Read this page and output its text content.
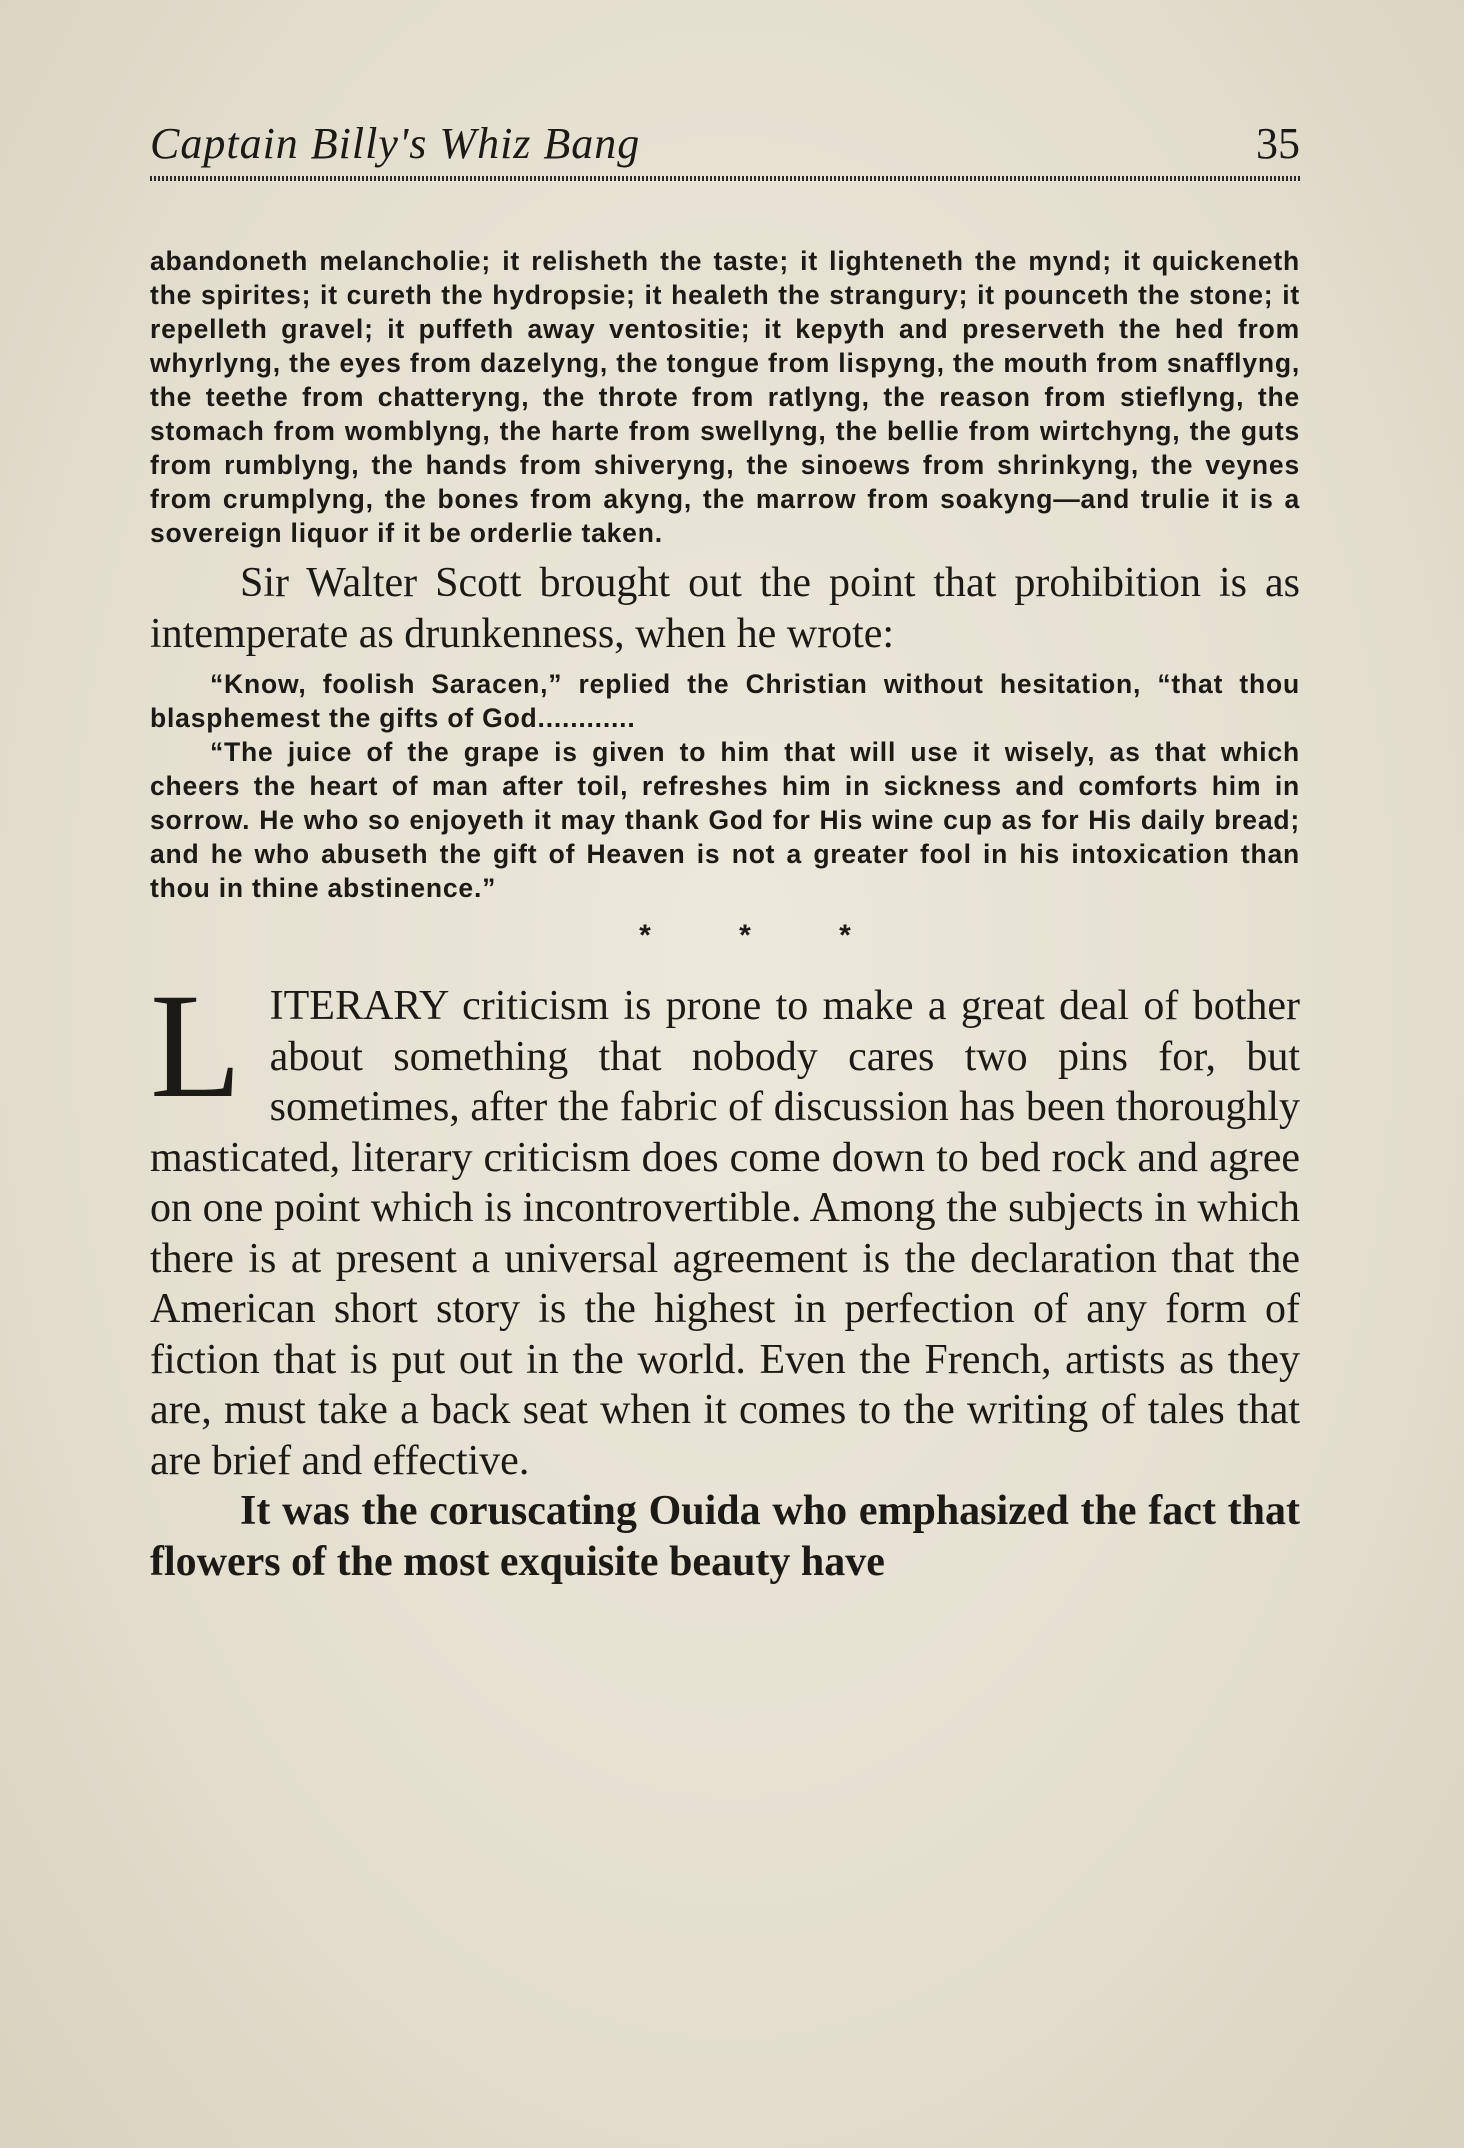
Captain Billy's Whiz Bang	35

abandoneth melancholie; it relisheth the taste; it lighteneth the mynd; it quickeneth the spirites; it cureth the hydropsie; it healeth the strangury; it pounceth the stone; it repelleth gravel; it puffeth away ventositie; it kepyth and preserveth the hed from whyrlyng, the eyes from dazelyng, the tongue from lispyng, the mouth from snafflyng, the teethe from chatteryng, the throte from ratlyng, the reason from stieflyng, the stomach from womblyng, the harte from swellyng, the bellie from wirtchyng, the guts from rumblyng, the hands from shiveryng, the sinoews from shrinkyng, the veynes from crumplyng, the bones from akyng, the marrow from soakyng—and trulie it is a sovereign liquor if it be orderlie taken.

Sir Walter Scott brought out the point that prohibition is as intemperate as drunkenness, when he wrote:

“Know, foolish Saracen,” replied the Christian without hesitation, “that thou blasphemest the gifts of God............

“The juice of the grape is given to him that will use it wisely, as that which cheers the heart of man after toil, refreshes him in sickness and comforts him in sorrow. He who so enjoyeth it may thank God for His wine cup as for His daily bread; and he who abuseth the gift of Heaven is not a greater fool in his intoxication than thou in thine abstinence.”

* * *

LITERARY criticism is prone to make a great deal of bother about something that nobody cares two pins for, but sometimes, after the fabric of discussion has been thoroughly masticated, literary criticism does come down to bed rock and agree on one point which is incontrovertible. Among the subjects in which there is at present a universal agreement is the declaration that the American short story is the highest in perfection of any form of fiction that is put out in the world. Even the French, artists as they are, must take a back seat when it comes to the writing of tales that are brief and effective.

It was the coruscating Ouida who emphasized the fact that flowers of the most exquisite beauty have
